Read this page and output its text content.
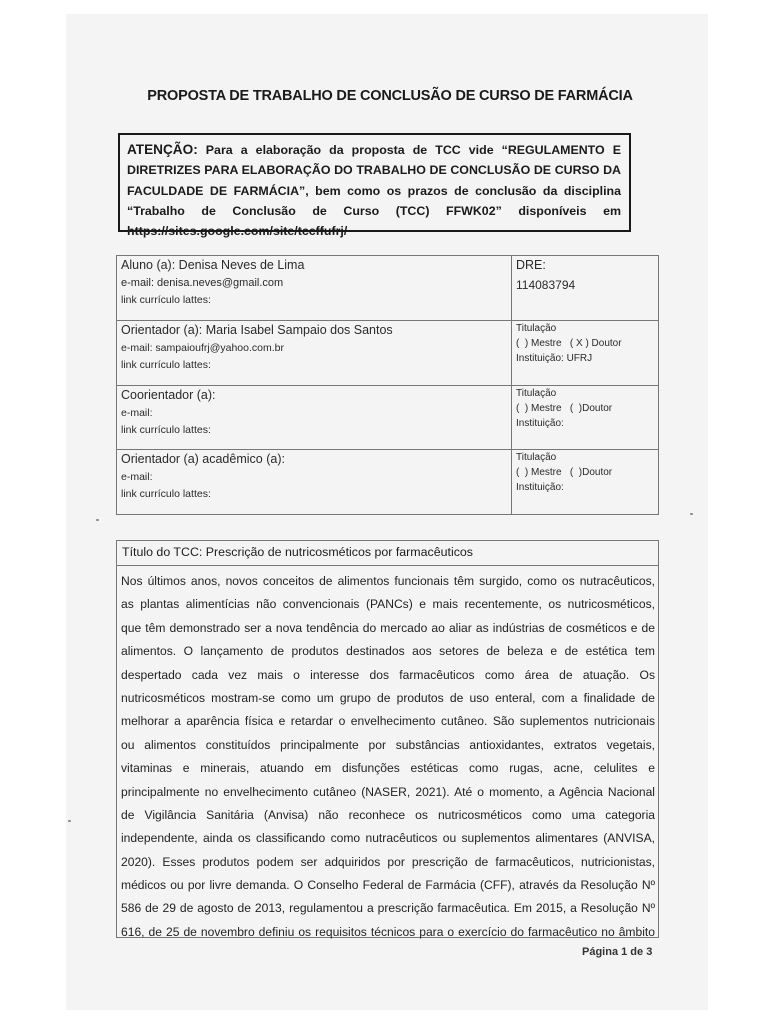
PROPOSTA DE TRABALHO DE CONCLUSÃO DE CURSO DE FARMÁCIA
ATENÇÃO: Para a elaboração da proposta de TCC vide “REGULAMENTO E
DIRETRIZES PARA ELABORAÇÃO DO TRABALHO DE CONCLUSÃO DE CURSO DA
FACULDADE DE FARMÁCIA”, bem como os prazos de conclusão da disciplina
“Trabalho de Conclusão de Curso (TCC) FFWK02” disponíveis em
https://sites.google.com/site/tccffufrj/
Aluno (a): Denisa Neves de Lima
e-mail: denisa.neves@gmail.com
link currículo lattes:	DRE:
114083794

Orientador (a): Maria Isabel Sampaio dos Santos
e-mail: sampaioufrj@yahoo.com.br
link currículo lattes:	Titulação
(  ) Mestre   ( X ) Doutor
Instituição: UFRJ

Coorientador (a):
e-mail:
link currículo lattes:	Titulação
(  ) Mestre   (  )Doutor
Instituição:

Orientador (a) acadêmico (a):
e-mail:
link currículo lattes:	Titulação
(  ) Mestre   (  )Doutor
Instituição:
Título do TCC: Prescrição de nutricosméticos por farmacêuticos
Nos últimos anos, novos conceitos de alimentos funcionais têm surgido, como os nutracêuticos,
as plantas alimentícias não convencionais (PANCs) e mais recentemente, os nutricosméticos,
que têm demonstrado ser a nova tendência do mercado ao aliar as indústrias de cosméticos e de
alimentos. O lançamento de produtos destinados aos setores de beleza e de estética tem
despertado cada vez mais o interesse dos farmacêuticos como área de atuação. Os
nutricosméticos mostram-se como um grupo de produtos de uso enteral, com a finalidade de
melhorar a aparência física e retardar o envelhecimento cutâneo. São suplementos nutricionais
ou alimentos constituídos principalmente por substâncias antioxidantes, extratos vegetais,
vitaminas e minerais, atuando em disfunções estéticas como rugas, acne, celulites e
principalmente no envelhecimento cutâneo (NASER, 2021). Até o momento, a Agência Nacional
de Vigilância Sanitária (Anvisa) não reconhece os nutricosméticos como uma categoria
independente, ainda os classificando como nutracêuticos ou suplementos alimentares (ANVISA,
2020). Esses produtos podem ser adquiridos por prescrição de farmacêuticos, nutricionistas,
médicos ou por livre demanda. O Conselho Federal de Farmácia (CFF), através da Resolução Nº
586 de 29 de agosto de 2013, regulamentou a prescrição farmacêutica. Em 2015, a Resolução Nº
616, de 25 de novembro definiu os requisitos técnicos para o exercício do farmacêutico no âmbito
Página 1 de 3
